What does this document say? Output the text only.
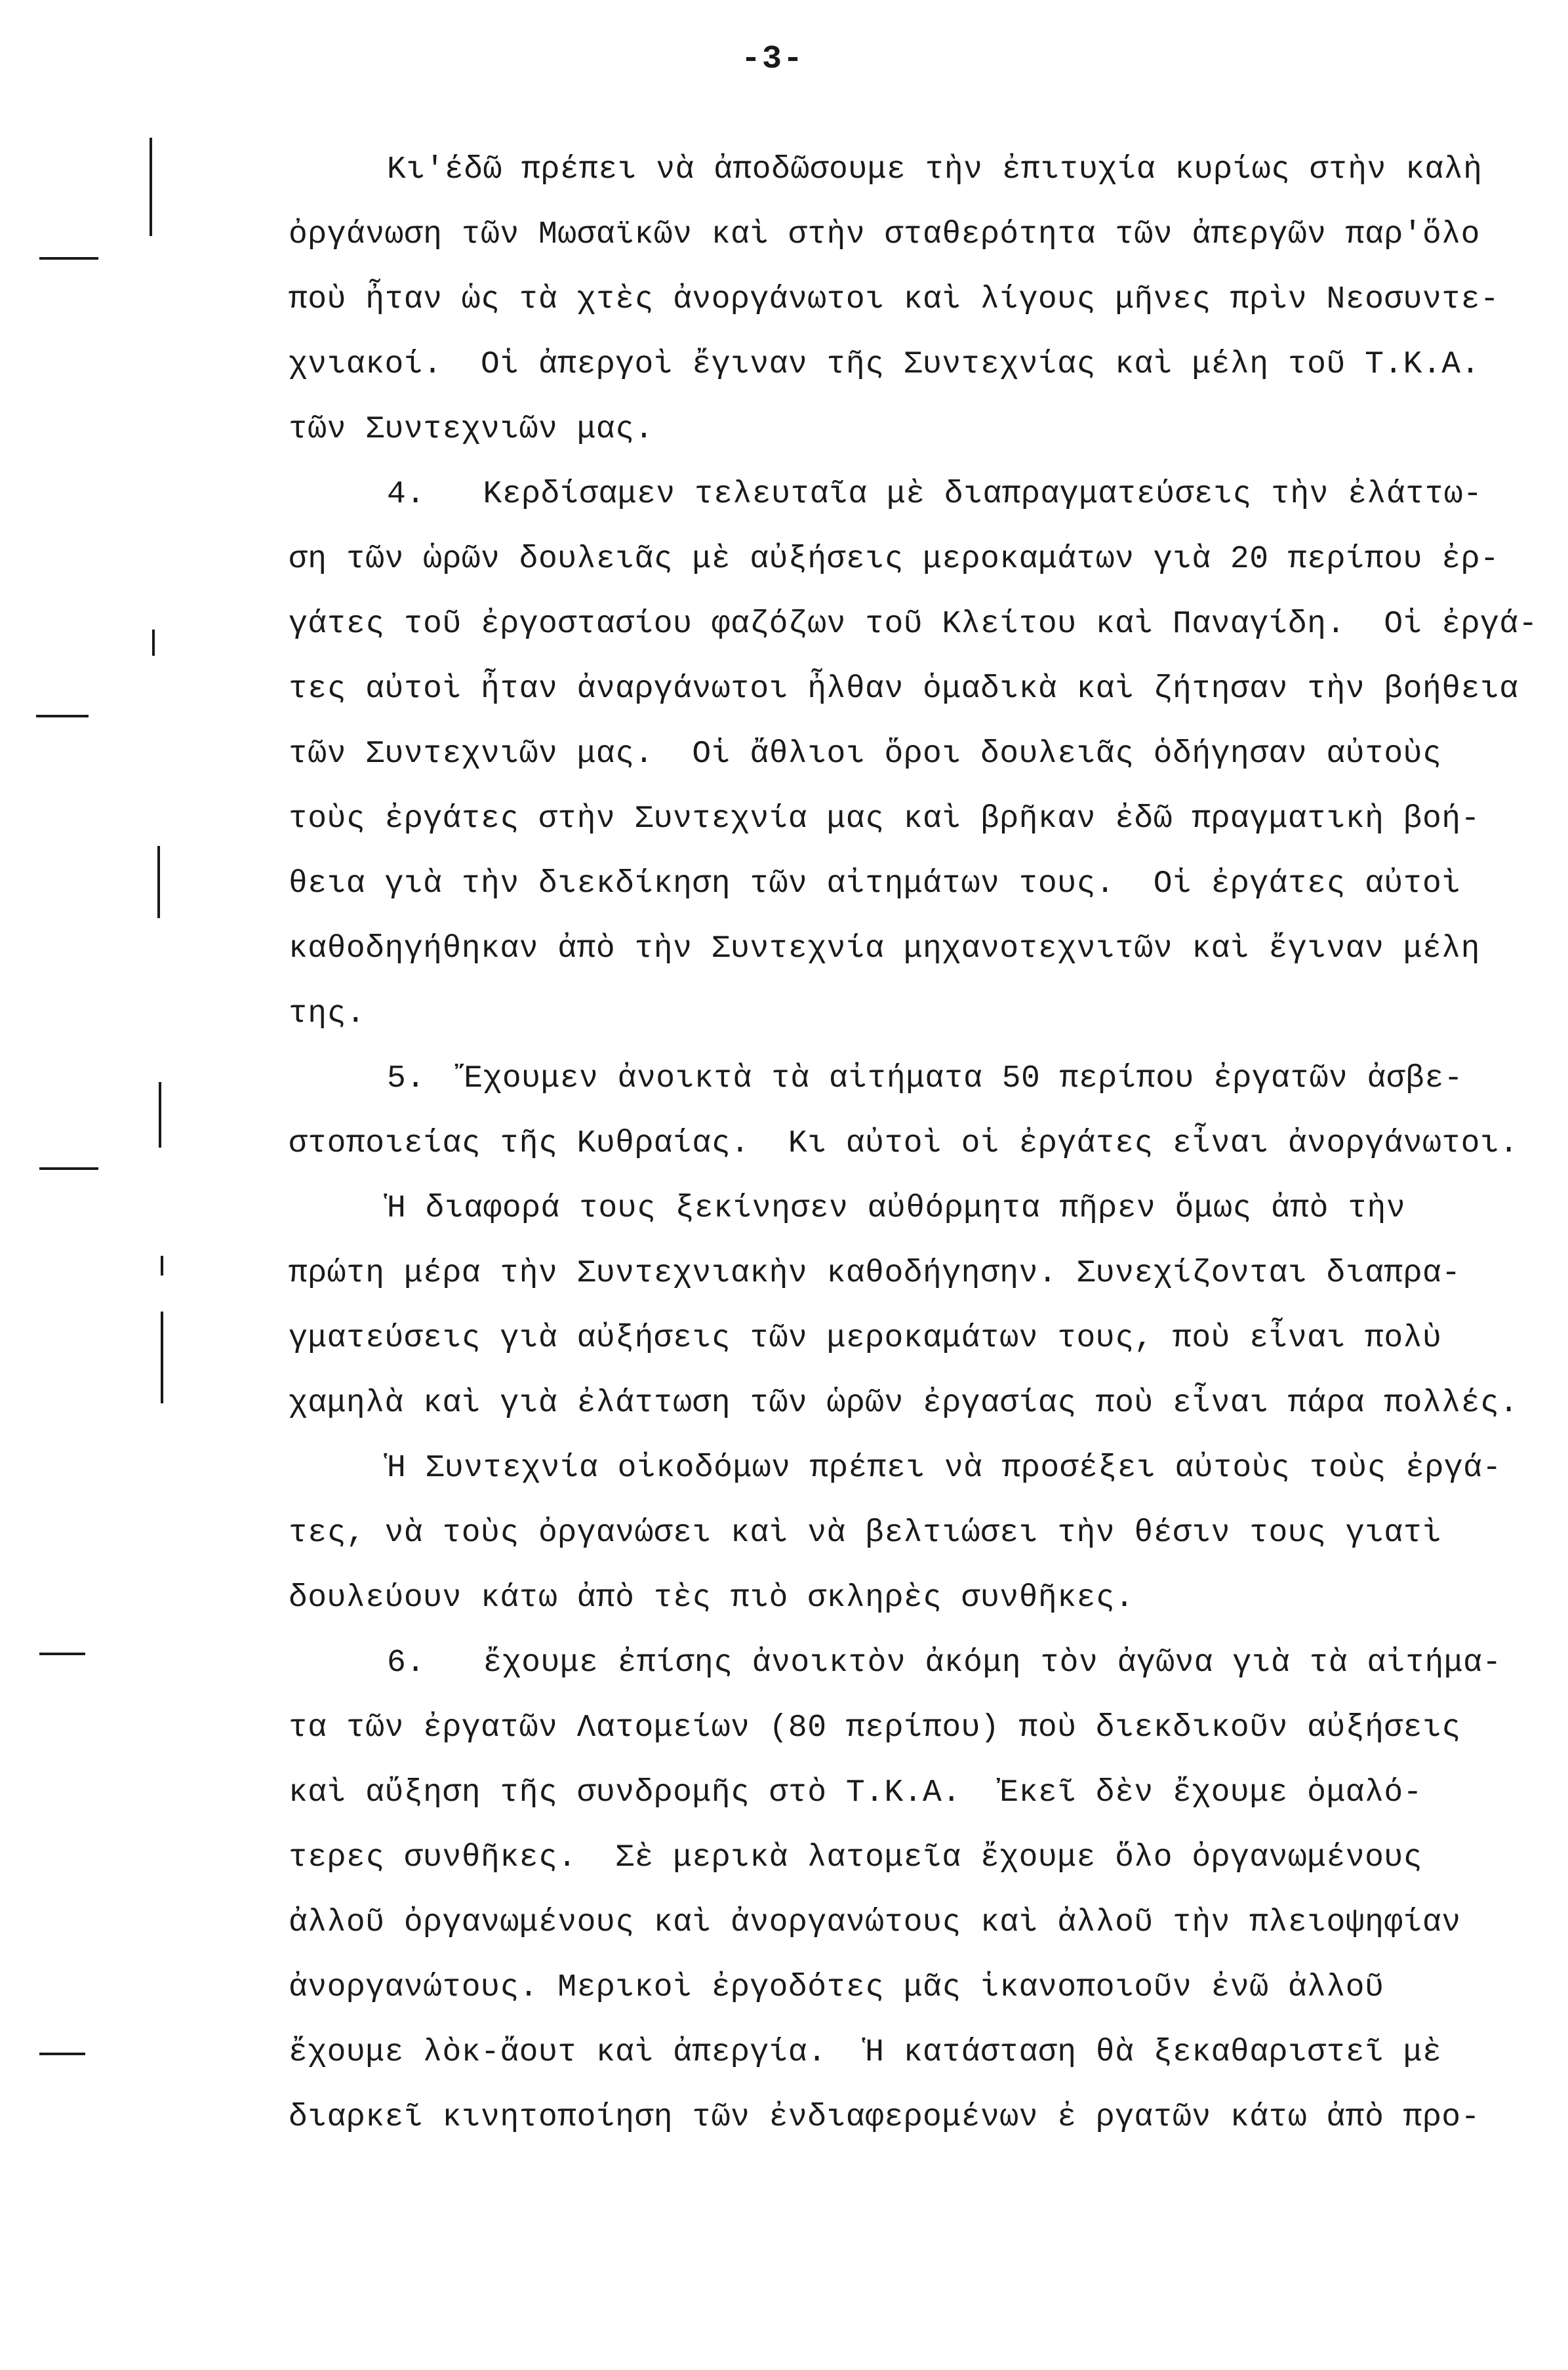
-3-
Κι'έδῶ πρέπει νὰ ἀποδῶσουμε τὴν ἐπιτυχία κυρίως στὴν καλὴ
ὀργάνωση τῶν Μωσαϊκῶν καὶ στὴν σταθερότητα τῶν ἀπεργῶν παρ'ὅλο
ποὺ ἦταν ὡς τὰ χτὲς ἀνοργάνωτοι καὶ λίγους μῆνες πρὶν Νεοσυντε-
χνιακοί.  Οἱ ἀπεργοὶ ἔγιναν τῆς Συντεχνίας καὶ μέλη τοῦ Τ.Κ.Α.
τῶν Συντεχνιῶν μας.
4.   Κερδίσαμεν τελευταῖα μὲ διαπραγματεύσεις τὴν ἐλάττω-
ση τῶν ὡρῶν δουλειᾶς μὲ αὐξήσεις μεροκαμάτων γιὰ 20 περίπου ἐρ-
γάτες τοῦ ἐργοστασίου φαζόζων τοῦ Κλείτου καὶ Παναγίδη.  Οἱ ἐργά-
τες αὐτοὶ ἦταν ἀναργάνωτοι ἦλθαν ὁμαδικὰ καὶ ζήτησαν τὴν βοήθεια
τῶν Συντεχνιῶν μας.  Οἱ ἄθλιοι ὅροι δουλειᾶς ὁδήγησαν αὐτοὺς
τοὺς ἐργάτες στὴν Συντεχνία μας καὶ βρῆκαν ἐδῶ πραγματικὴ βοή-
θεια γιὰ τὴν διεκδίκηση τῶν αἰτημάτων τους.  Οἱ ἐργάτες αὐτοὶ
καθοδηγήθηκαν ἀπὸ τὴν Συντεχνία μηχανοτεχνιτῶν καὶ ἔγιναν μέλη
της.
5.  Ἔχουμεν ἀνοικτὰ τὰ αἰτήματα 50 περίπου ἐργατῶν ἀσβε-
στοποιείας τῆς Κυθραίας.  Κι αὐτοὶ οἱ ἐργάτες εἶναι ἀνοργάνωτοι.
Ἡ διαφορά τους ξεκίνησεν αὐθόρμητα πῆρεν ὅμως ἀπὸ τὴν
πρώτη μέρα τὴν Συντεχνιακὴν καθοδήγησην. Συνεχίζονται διαπρα-
γματεύσεις γιὰ αὐξήσεις τῶν μεροκαμάτων τους, ποὺ εἶναι πολὺ
χαμηλὰ καὶ γιὰ ἐλάττωση τῶν ὡρῶν ἐργασίας ποὺ εἶναι πάρα πολλές.
Ἡ Συντεχνία οἰκοδόμων πρέπει νὰ προσέξει αὐτοὺς τοὺς ἐργά-
τες, νὰ τοὺς ὀργανώσει καὶ νὰ βελτιώσει τὴν θέσιν τους γιατὶ
δουλεύουν κάτω ἀπὸ τὲς πιὸ σκληρὲς συνθῆκες.
6.   ἔχουμε ἐπίσης ἀνοικτὸν ἀκόμη τὸν ἀγῶνα γιὰ τὰ αἰτήμα-
τα τῶν ἐργατῶν Λατομείων (80 περίπου) ποὺ διεκδικοῦν αὐξήσεις
καὶ αὔξηση τῆς συνδρομῆς στὸ Τ.Κ.Α.  Ἐκεῖ δὲν ἔχουμε ὁμαλό-
τερες συνθῆκες.  Σὲ μερικὰ λατομεῖα ἔχουμε ὅλο ὀργανωμένους
ἀλλοῦ ὀργανωμένους καὶ ἀνοργανώτους καὶ ἀλλοῦ τὴν πλειοψηφίαν
ἀνοργανώτους. Μερικοὶ ἐργοδότες μᾶς ἱκανοποιοῦν ἐνῶ ἀλλοῦ
ἔχουμε λὸκ-ἄουτ καὶ ἀπεργία.  Ἡ κατάσταση θὰ ξεκαθαριστεῖ μὲ
διαρκεῖ κινητοποίηση τῶν ἐνδιαφερομένων ἐ ργατῶν κάτω ἀπὸ προ-
